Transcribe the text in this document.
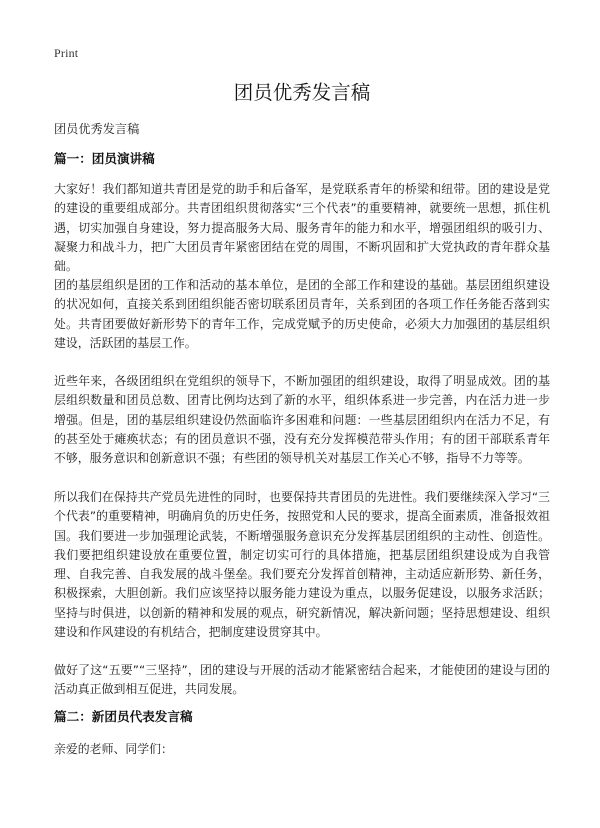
Print
团员优秀发言稿
团员优秀发言稿
篇一：团员演讲稿

大家好！我们都知道共青团是党的助手和后备军，是党联系青年的桥梁和纽带。团的建设是党的建设的重要组成部分。共青团组织贯彻落实“三个代表”的重要精神，就要统一思想，抓住机遇，切实加强自身建设，努力提高服务大局、服务青年的能力和水平，增强团组织的吸引力、凝聚力和战斗力，把广大团员青年紧密团结在党的周围，不断巩固和扩大党执政的青年群众基础。

团的基层组织是团的工作和活动的基本单位，是团的全部工作和建设的基础。基层团组织建设的状况如何，直接关系到团组织能否密切联系团员青年，关系到团的各项工作任务能否落到实处。共青团要做好新形势下的青年工作，完成党赋予的历史使命，必须大力加强团的基层组织建设，活跃团的基层工作。

近些年来，各级团组织在党组织的领导下，不断加强团的组织建设，取得了明显成效。团的基层组织数量和团员总数、团青比例均达到了新的水平，组织体系进一步完善，内在活力进一步增强。但是，团的基层组织建设仍然面临许多困难和问题：一些基层团组织内在活力不足，有的甚至处于瘫痪状态；有的团员意识不强，没有充分发挥模范带头作用；有的团干部联系青年不够，服务意识和创新意识不强；有些团的领导机关对基层工作关心不够，指导不力等等。

所以我们在保持共产党员先进性的同时，也要保持共青团员的先进性。我们要继续深入学习“三个代表”的重要精神，明确肩负的历史任务，按照党和人民的要求，提高全面素质，准备报效祖国。我们要进一步加强理论武装，不断增强服务意识充分发挥基层团组织的主动性、创造性。我们要把组织建设放在重要位置，制定切实可行的具体措施，把基层团组织建设成为自我管理、自我完善、自我发展的战斗堡垒。我们要充分发挥首创精神，主动适应新形势、新任务，积极探索，大胆创新。我们应该坚持以服务能力建设为重点，以服务促建设，以服务求活跃；坚持与时俱进，以创新的精神和发展的观点，研究新情况，解决新问题；坚持思想建设、组织建设和作风建设的有机结合，把制度建设贯穿其中。

做好了这“五要”“三坚持”，团的建设与开展的活动才能紧密结合起来，才能使团的建设与团的活动真正做到相互促进，共同发展。

篇二：新团员代表发言稿

亲爱的老师、同学们：
